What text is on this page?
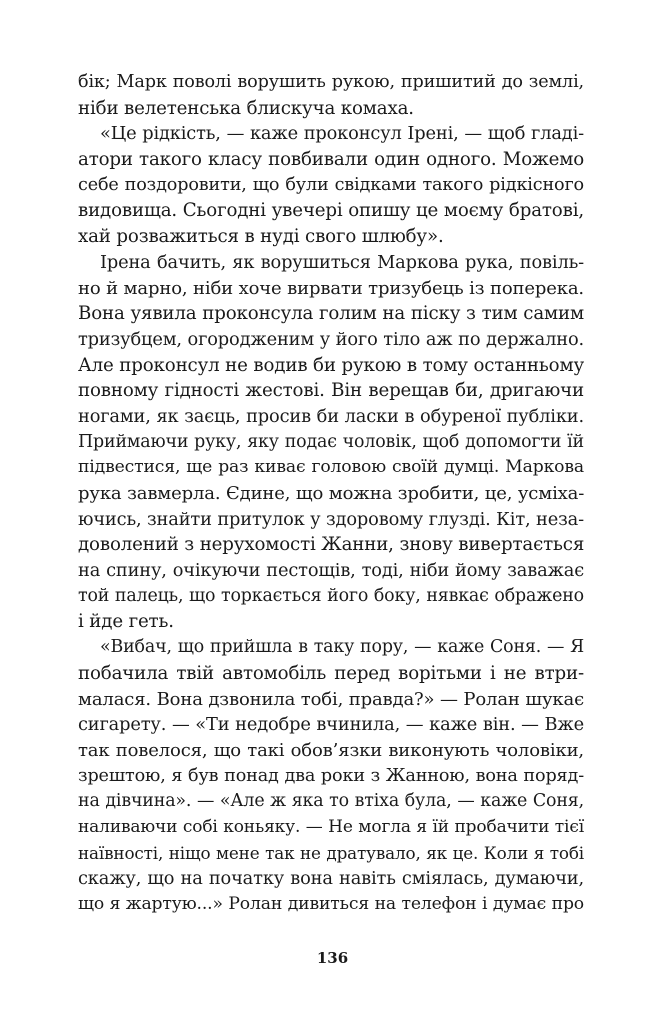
бік; Марк поволі ворушить рукою, пришитий до землі,
ніби велетенська блискуча комаха.
«Це рідкість, — каже проконсул Ірені, — щоб гладі-
атори такого класу повбивали один одного. Можемо
себе поздоровити, що були свідками такого рідкісного
видовища. Сьогодні увечері опишу це моєму братові,
хай розважиться в нуді свого шлюбу».
Ірена бачить, як ворушиться Маркова рука, повіль-
но й марно, ніби хоче вирвати тризубець із поперека.
Вона уявила проконсула голим на піску з тим самим
тризубцем, огородженим у його тіло аж по держално.
Але проконсул не водив би рукою в тому останньому
повному гідності жестові. Він верещав би, дригаючи
ногами, як заєць, просив би ласки в обуреної публіки.
Приймаючи руку, яку подає чоловік, щоб допомогти їй
підвестися, ще раз киває головою своїй думці. Маркова
рука завмерла. Єдине, що можна зробити, це, усміха-
ючись, знайти притулок у здоровому глузді. Кіт, неза-
доволений з нерухомості Жанни, знову вивертається
на спину, очікуючи пестощів, тоді, ніби йому заважає
той палець, що торкається його боку, нявкає ображено
і йде геть.
«Вибач, що прийшла в таку пору, — каже Соня. — Я
побачила твій автомобіль перед ворітьми і не втри-
малася. Вона дзвонила тобі, правда?» — Ролан шукає
сигарету. — «Ти недобре вчинила, — каже він. — Вже
так повелося, що такі обов’язки виконують чоловіки,
зрештою, я був понад два роки з Жанною, вона поряд-
на дівчина». — «Але ж яка то втіха була, — каже Соня,
наливаючи собі коньяку. — Не могла я їй пробачити тієї
наївності, ніщо мене так не дратувало, як це. Коли я тобі
скажу, що на початку вона навіть сміялась, думаючи,
що я жартую...» Ролан дивиться на телефон і думає про
136
